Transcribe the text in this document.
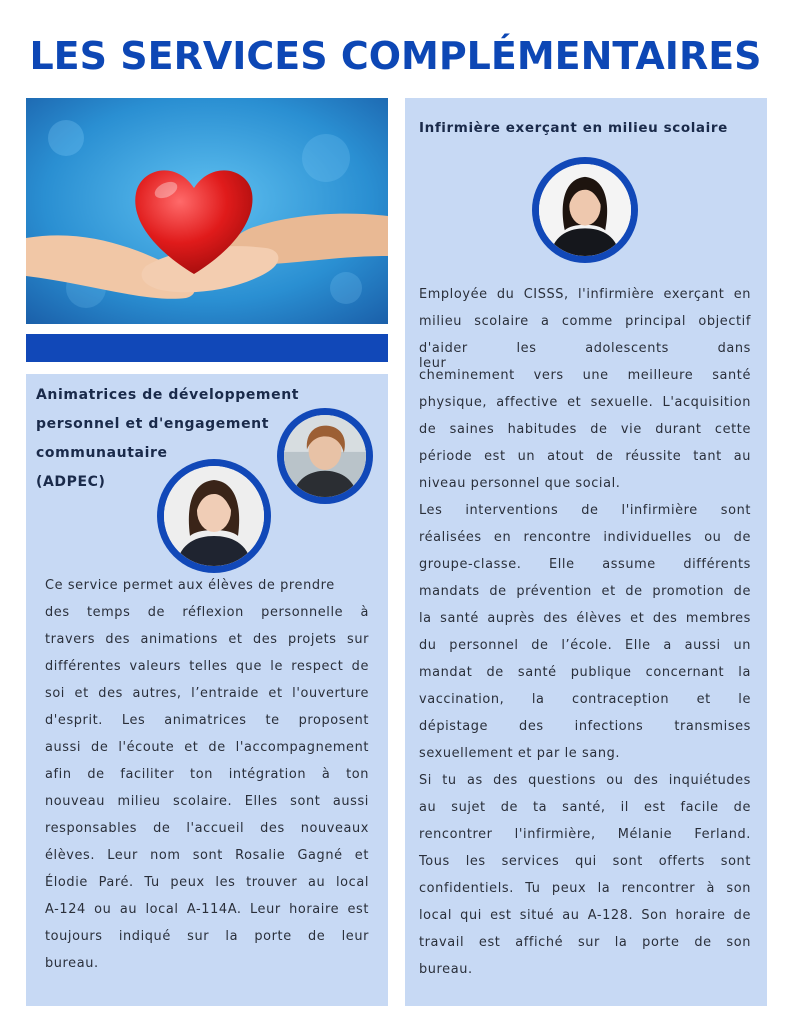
LES SERVICES COMPLÉMENTAIRES
Animatrices de développement
personnel et d'engagement
communautaire
(ADPEC)

Ce service permet aux élèves de prendre

des temps de réflexion personnelle à

travers des animations et des projets sur

différentes valeurs telles que le respect de

soi et des autres, l’entraide et l'ouverture

d'esprit. Les animatrices te proposent

aussi de l'écoute et de l'accompagnement

afin de faciliter ton intégration à ton

nouveau milieu scolaire. Elles sont aussi

responsables de l'accueil des nouveaux

élèves. Leur nom sont Rosalie Gagné et

Élodie Paré. Tu peux les trouver au local

A-124 ou au local A-114A. Leur horaire est

toujours indiqué sur la porte de leur

bureau.

Infirmière exerçant en milieu scolaire

Employée du CISSS, l'infirmière exerçant en

milieu scolaire a comme principal objectif

d'aider les adolescents dans leur

cheminement vers une meilleure santé

physique, affective et sexuelle. L'acquisition

de saines habitudes de vie durant cette

période est un atout de réussite tant au

niveau personnel que social.

Les interventions de l'infirmière sont

réalisées en rencontre individuelles ou de

groupe-classe. Elle assume différents

mandats de prévention et de promotion de

la santé auprès des élèves et des membres

du personnel de l’école. Elle a aussi un

mandat de santé publique concernant la

vaccination, la contraception et le

dépistage des infections transmises

sexuellement et par le sang.

Si tu as des questions ou des inquiétudes

au sujet de ta santé, il est facile de

rencontrer l'infirmière, Mélanie Ferland.

Tous les services qui sont offerts sont

confidentiels. Tu peux la rencontrer à son

local qui est situé au A-128. Son horaire de

travail est affiché sur la porte de son

bureau.
